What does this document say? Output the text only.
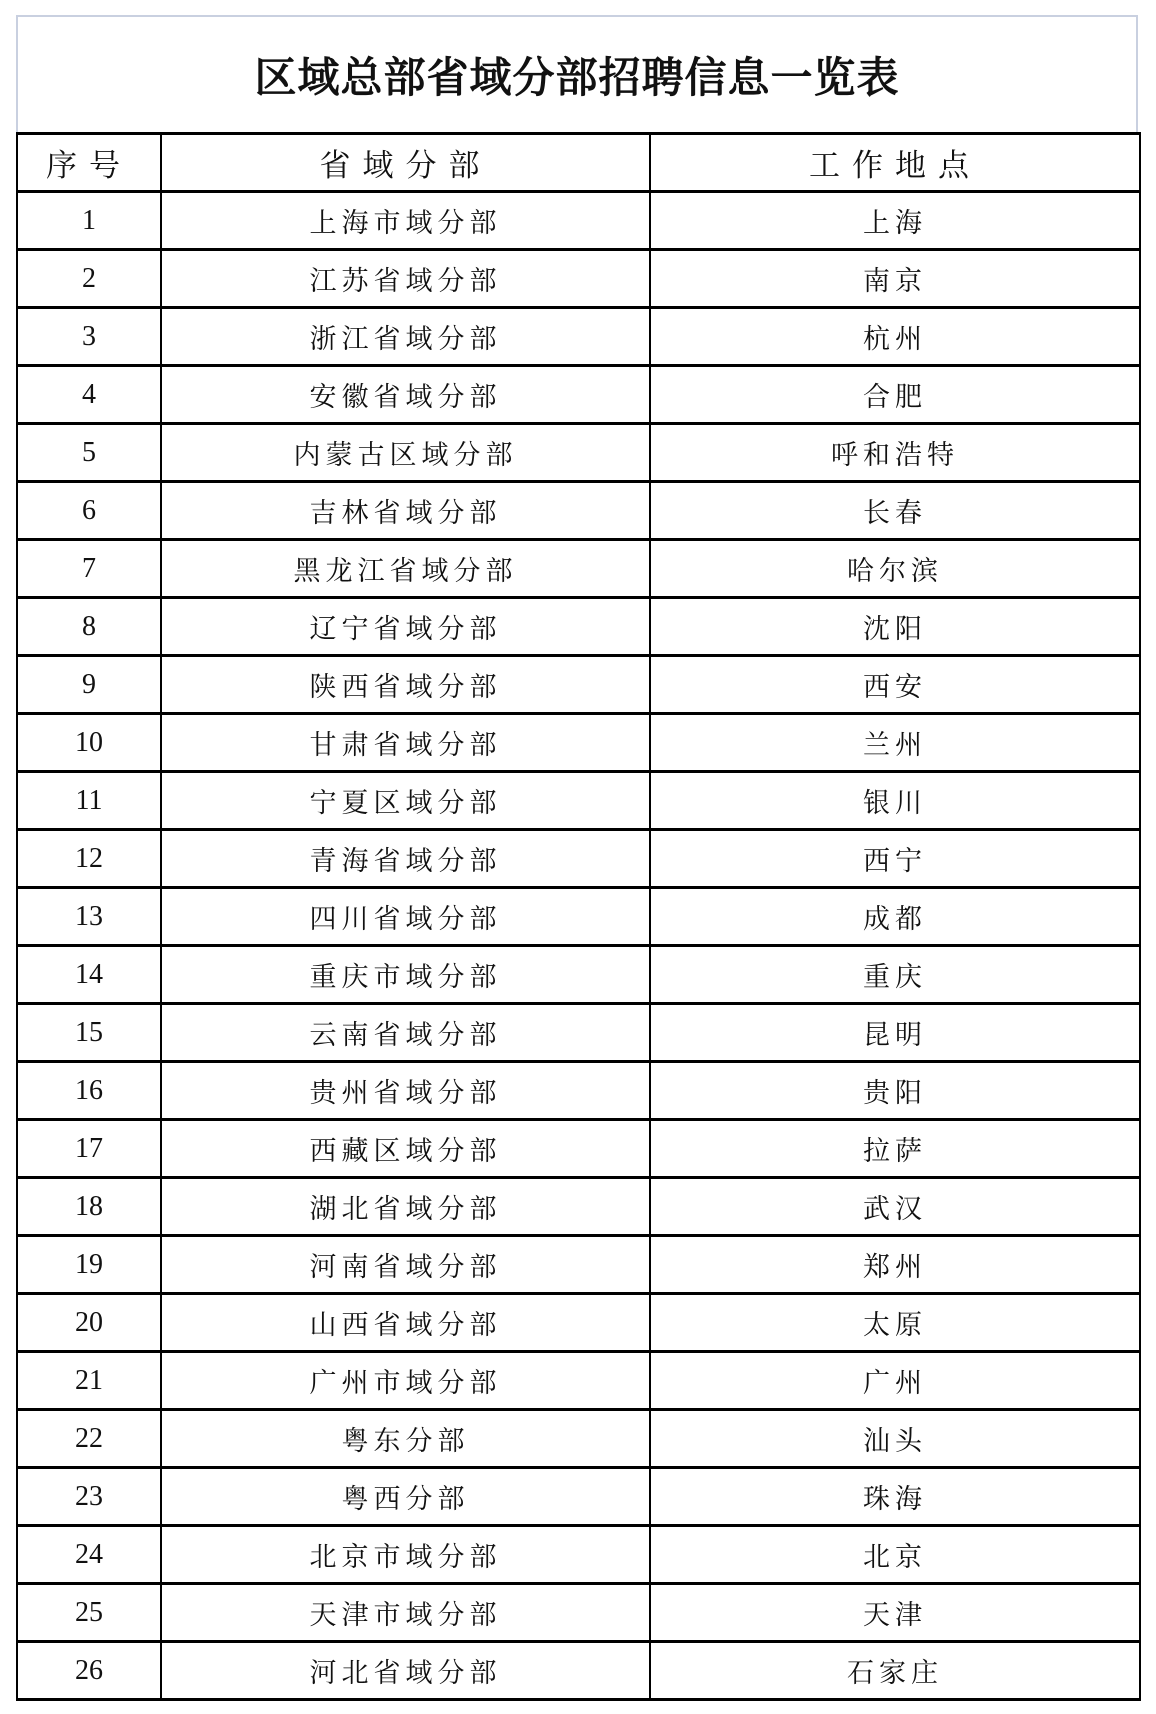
区域总部省域分部招聘信息一览表
序号	省域分部	工作地点
1	上海市域分部	上海
2	江苏省域分部	南京
3	浙江省域分部	杭州
4	安徽省域分部	合肥
5	内蒙古区域分部	呼和浩特
6	吉林省域分部	长春
7	黑龙江省域分部	哈尔滨
8	辽宁省域分部	沈阳
9	陕西省域分部	西安
10	甘肃省域分部	兰州
11	宁夏区域分部	银川
12	青海省域分部	西宁
13	四川省域分部	成都
14	重庆市域分部	重庆
15	云南省域分部	昆明
16	贵州省域分部	贵阳
17	西藏区域分部	拉萨
18	湖北省域分部	武汉
19	河南省域分部	郑州
20	山西省域分部	太原
21	广州市域分部	广州
22	粤东分部	汕头
23	粤西分部	珠海
24	北京市域分部	北京
25	天津市域分部	天津
26	河北省域分部	石家庄
